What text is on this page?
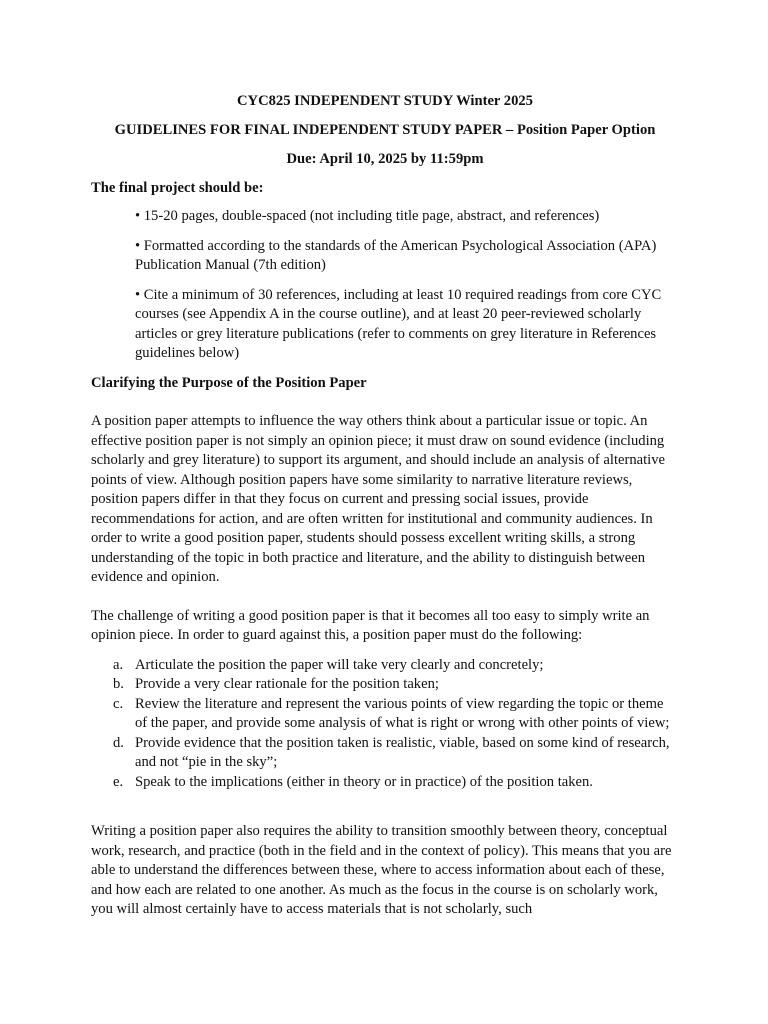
CYC825 INDEPENDENT STUDY Winter 2025

GUIDELINES FOR FINAL INDEPENDENT STUDY PAPER – Position Paper Option

Due: April 10, 2025 by 11:59pm

The final project should be:

• 15-20 pages, double-spaced (not including title page, abstract, and references)
• Formatted according to the standards of the American Psychological Association (APA) Publication Manual (7th edition)
• Cite a minimum of 30 references, including at least 10 required readings from core CYC courses (see Appendix A in the course outline), and at least 20 peer-reviewed scholarly articles or grey literature publications (refer to comments on grey literature in References guidelines below)

Clarifying the Purpose of the Position Paper

A position paper attempts to influence the way others think about a particular issue or topic. An effective position paper is not simply an opinion piece; it must draw on sound evidence (including scholarly and grey literature) to support its argument, and should include an analysis of alternative points of view. Although position papers have some similarity to narrative literature reviews, position papers differ in that they focus on current and pressing social issues, provide recommendations for action, and are often written for institutional and community audiences. In order to write a good position paper, students should possess excellent writing skills, a strong understanding of the topic in both practice and literature, and the ability to distinguish between evidence and opinion.

The challenge of writing a good position paper is that it becomes all too easy to simply write an opinion piece. In order to guard against this, a position paper must do the following:

a. Articulate the position the paper will take very clearly and concretely;
b. Provide a very clear rationale for the position taken;
c. Review the literature and represent the various points of view regarding the topic or theme of the paper, and provide some analysis of what is right or wrong with other points of view;
d. Provide evidence that the position taken is realistic, viable, based on some kind of research, and not “pie in the sky”;
e. Speak to the implications (either in theory or in practice) of the position taken.

Writing a position paper also requires the ability to transition smoothly between theory, conceptual work, research, and practice (both in the field and in the context of policy). This means that you are able to understand the differences between these, where to access information about each of these, and how each are related to one another. As much as the focus in the course is on scholarly work, you will almost certainly have to access materials that is not scholarly, such
